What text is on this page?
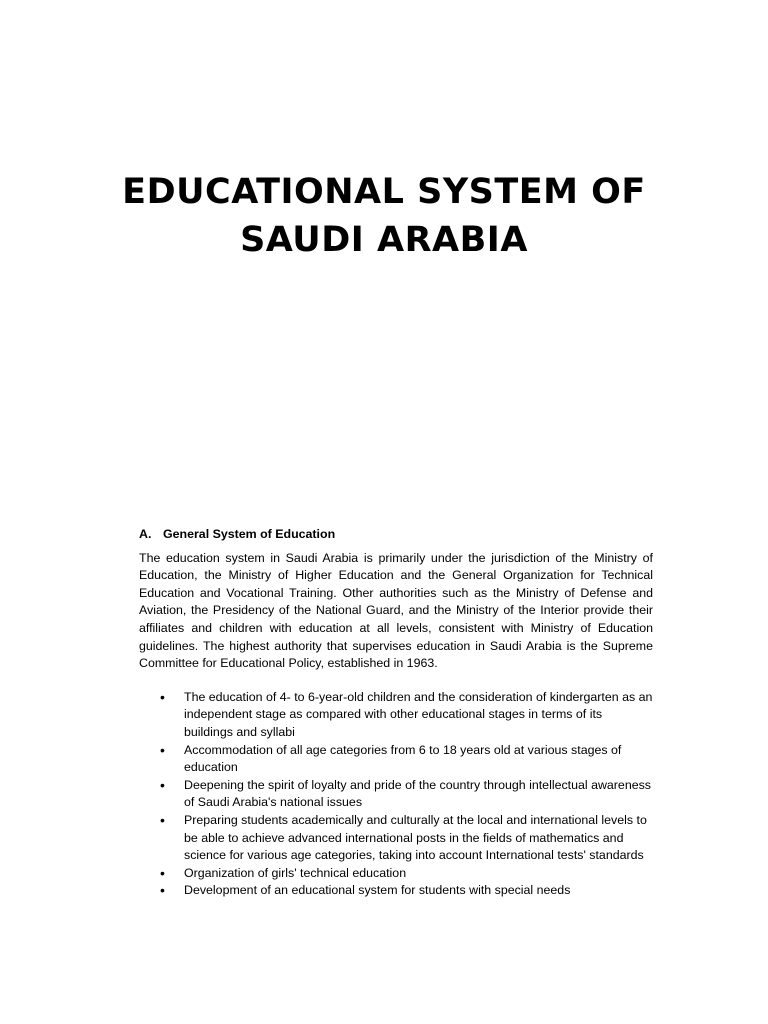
EDUCATIONAL SYSTEM OF
SAUDI ARABIA
A. General System of Education

The education system in Saudi Arabia is primarily under the jurisdiction of the Ministry of Education, the Ministry of Higher Education and the General Organization for Technical Education and Vocational Training. Other authorities such as the Ministry of Defense and Aviation, the Presidency of the National Guard, and the Ministry of the Interior provide their affiliates and children with education at all levels, consistent with Ministry of Education guidelines. The highest authority that supervises education in Saudi Arabia is the Supreme Committee for Educational Policy, established in 1963.

• The education of 4- to 6-year-old children and the consideration of kindergarten as an independent stage as compared with other educational stages in terms of its buildings and syllabi
• Accommodation of all age categories from 6 to 18 years old at various stages of education
• Deepening the spirit of loyalty and pride of the country through intellectual awareness of Saudi Arabia's national issues
• Preparing students academically and culturally at the local and international levels to be able to achieve advanced international posts in the fields of mathematics and science for various age categories, taking into account International tests' standards
• Organization of girls' technical education
• Development of an educational system for students with special needs
